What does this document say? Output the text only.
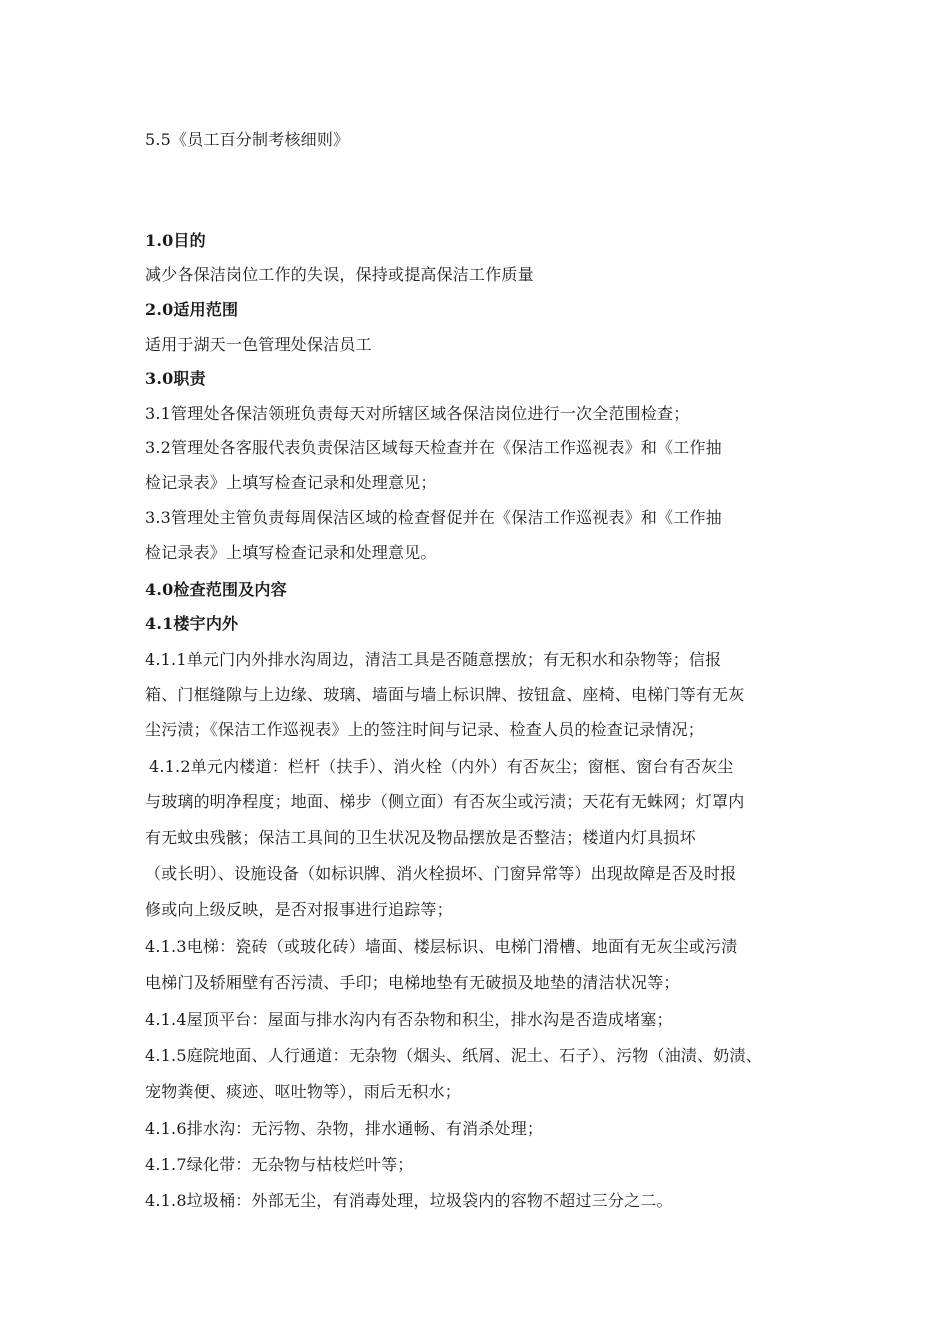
5.5《员工百分制考核细则》
1.0目的
减少各保洁岗位工作的失误，保持或提高保洁工作质量
2.0适用范围
适用于湖天一色管理处保洁员工
3.0职责
3.1管理处各保洁领班负责每天对所辖区域各保洁岗位进行一次全范围检查；
3.2管理处各客服代表负责保洁区域每天检查并在《保洁工作巡视表》和《工作抽
检记录表》上填写检查记录和处理意见；
3.3管理处主管负责每周保洁区域的检查督促并在《保洁工作巡视表》和《工作抽
检记录表》上填写检查记录和处理意见。
4.0检查范围及内容
4.1楼宇内外
4.1.1单元门内外排水沟周边，清洁工具是否随意摆放；有无积水和杂物等；信报
箱、门框缝隙与上边缘、玻璃、墙面与墙上标识牌、按钮盒、座椅、电梯门等有无灰
尘污渍；《保洁工作巡视表》上的签注时间与记录、检查人员的检查记录情况；
4.1.2单元内楼道：栏杆（扶手）、消火栓（内外）有否灰尘；窗框、窗台有否灰尘
与玻璃的明净程度；地面、梯步（侧立面）有否灰尘或污渍；天花有无蛛网；灯罩内
有无蚊虫残骸；保洁工具间的卫生状况及物品摆放是否整洁；楼道内灯具损坏
（或长明）、设施设备（如标识牌、消火栓损坏、门窗异常等）出现故障是否及时报
修或向上级反映，是否对报事进行追踪等；
4.1.3电梯：瓷砖（或玻化砖）墙面、楼层标识、电梯门滑槽、地面有无灰尘或污渍
电梯门及轿厢壁有否污渍、手印；电梯地垫有无破损及地垫的清洁状况等；
4.1.4屋顶平台：屋面与排水沟内有否杂物和积尘，排水沟是否造成堵塞；
4.1.5庭院地面、人行通道：无杂物（烟头、纸屑、泥土、石子）、污物（油渍、奶渍、
宠物粪便、痰迹、呕吐物等），雨后无积水；
4.1.6排水沟：无污物、杂物，排水通畅、有消杀处理；
4.1.7绿化带：无杂物与枯枝烂叶等；
4.1.8垃圾桶：外部无尘，有消毒处理，垃圾袋内的容物不超过三分之二。
